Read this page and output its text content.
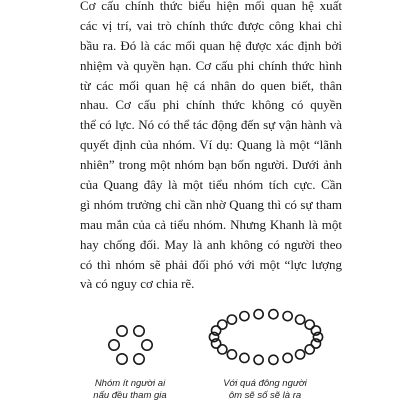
Cơ cấu chính thức biểu hiện mối quan hệ xuất
các vị trí, vai trò chính thức được công khai chỉ
bầu ra. Đó là các mối quan hệ được xác định bởi
nhiệm và quyền hạn. Cơ cấu phi chính thức hình
từ các mối quan hệ cá nhân do quen biết, thân
nhau. Cơ cấu phi chính thức không có quyền
thể có lực. Nó có thể tác động đến sự vận hành và
quyết định của nhóm. Ví dụ: Quang là một “lãnh
nhiên” trong một nhóm bạn bốn người. Dưới ảnh
của Quang đây là một tiểu nhóm tích cực. Cần
gì nhóm trưởng chỉ cần nhờ Quang thì có sự tham
mau mắn của cả tiểu nhóm. Nhưng Khanh là một
hay chống đối. May là anh không có người theo
có thì nhóm sẽ phải đối phó với một “lực lượng
và có nguy cơ chia rẽ.
Nhóm ít người ai
nấu đều tham gia
Với quá đông người
ôm sẽ số sẽ là ra
